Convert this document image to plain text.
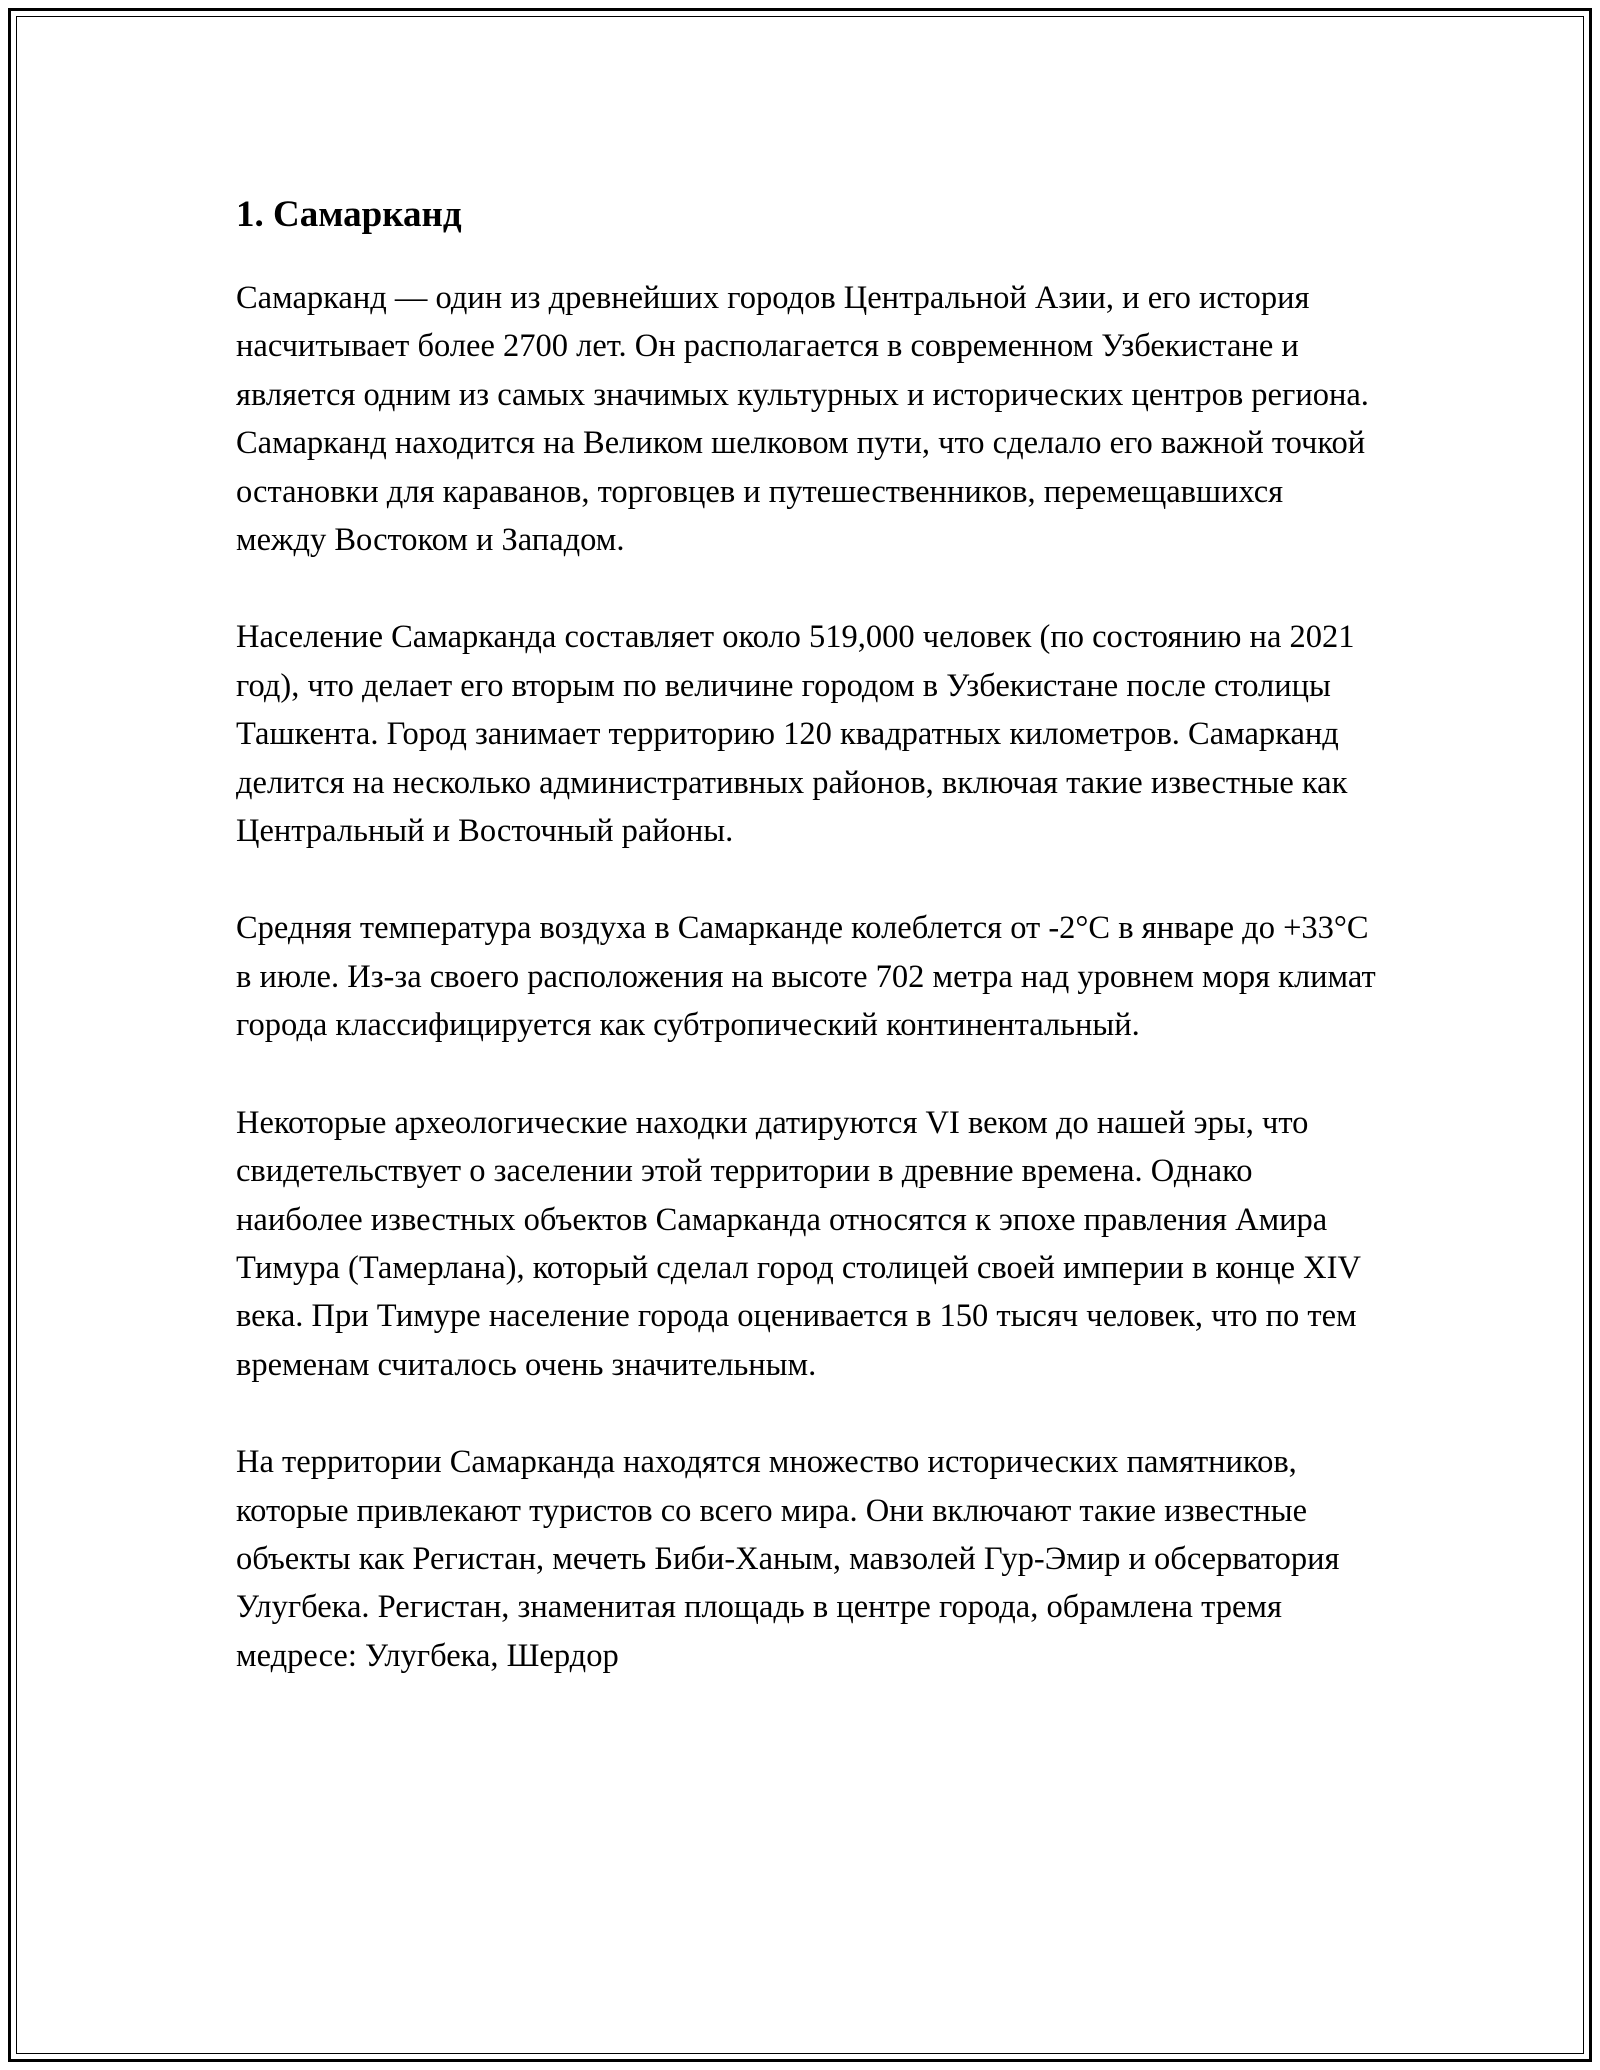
1. Самарканд

Самарканд — один из древнейших городов Центральной Азии, и его история насчитывает более 2700 лет. Он располагается в современном Узбекистане и является одним из самых значимых культурных и исторических центров региона. Самарканд находится на Великом шелковом пути, что сделало его важной точкой остановки для караванов, торговцев и путешественников, перемещавшихся между Востоком и Западом.

Население Самарканда составляет около 519,000 человек (по состоянию на 2021 год), что делает его вторым по величине городом в Узбекистане после столицы Ташкента. Город занимает территорию 120 квадратных километров. Самарканд делится на несколько административных районов, включая такие известные как Центральный и Восточный районы.

Средняя температура воздуха в Самарканде колеблется от -2°C в январе до +33°C в июле. Из-за своего расположения на высоте 702 метра над уровнем моря климат города классифицируется как субтропический континентальный.

Некоторые археологические находки датируются VI веком до нашей эры, что свидетельствует о заселении этой территории в древние времена. Однако наиболее известных объектов Самарканда относятся к эпохе правления Амира Тимура (Тамерлана), который сделал город столицей своей империи в конце XIV века. При Тимуре население города оценивается в 150 тысяч человек, что по тем временам считалось очень значительным.

На территории Самарканда находятся множество исторических памятников, которые привлекают туристов со всего мира. Они включают такие известные объекты как Регистан, мечеть Биби-Ханым, мавзолей Гур-Эмир и обсерватория Улугбека. Регистан, знаменитая площадь в центре города, обрамлена тремя медресе: Улугбека, Шердор
